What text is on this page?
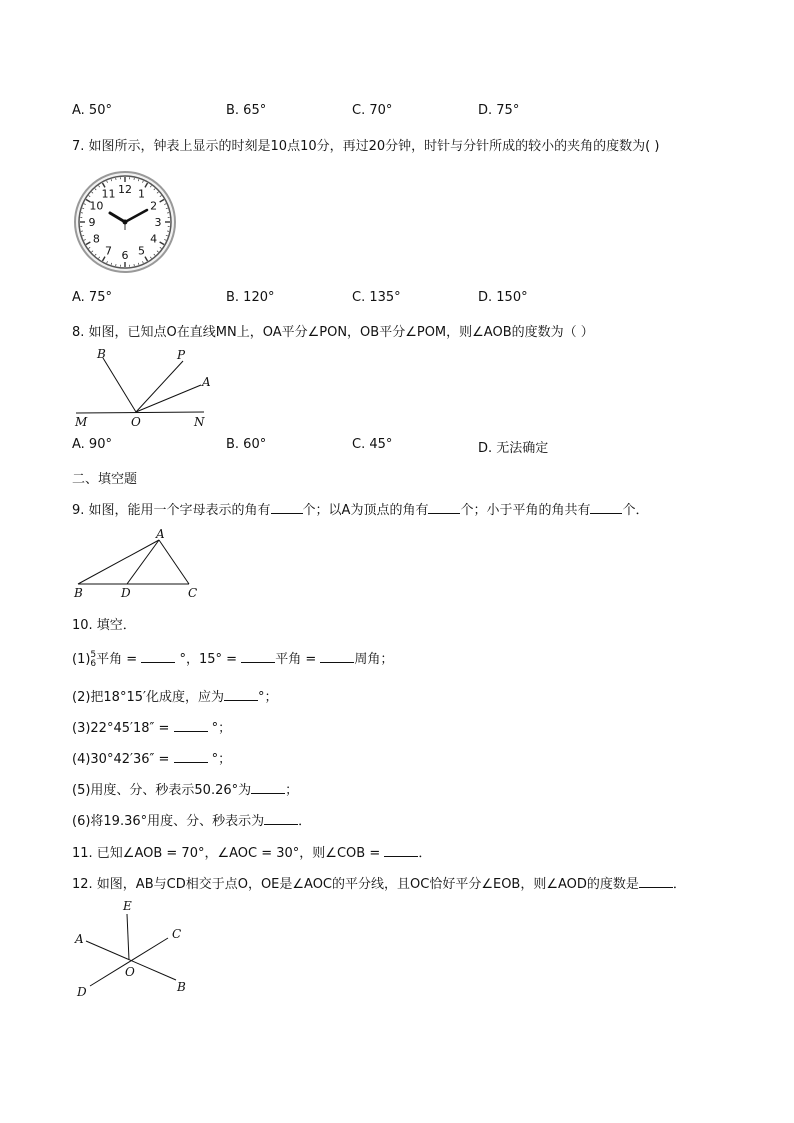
A. 50°	B. 65°	C. 70°	D. 75°
7. 如图所示，钟表上显示的时刻是10点10分，再过20分钟，时针与分针所成的较小的夹角的度数为( )
12 1
2
3
4
5
6
7
8
9
10
11
A. 75°	B. 120°	C. 135°	D. 150°
8. 如图，已知点O在直线MN上，OA平分∠PON，OB平分∠POM，则∠AOB的度数为（ ）
B	P
A
M	O	N
A. 90°	B. 60°	C. 45°	D. 无法确定
二、填空题
9. 如图，能用一个字母表示的角有 个；以A为顶点的角有 个；小于平角的角共有 个．
A
B	D	C
10. 填空．
(1) 5
6 平角 =	°，15° =	平角 =	周角；
(2)把18°15′化成度，应为	°；
(3)22°45′18″ =	°；
(4)30°42′36″ =	°；
(5)用度、分、秒表示50.26°为	；
(6)将19.36°用度、分、秒表示为	．
11. 已知∠AOB = 70°，∠AOC = 30°，则∠COB =	．
12. 如图，AB与CD相交于点O，OE是∠AOC的平分线，且OC恰好平分∠EOB，则∠AOD的度数是	．
E
A	C
O
D	B
